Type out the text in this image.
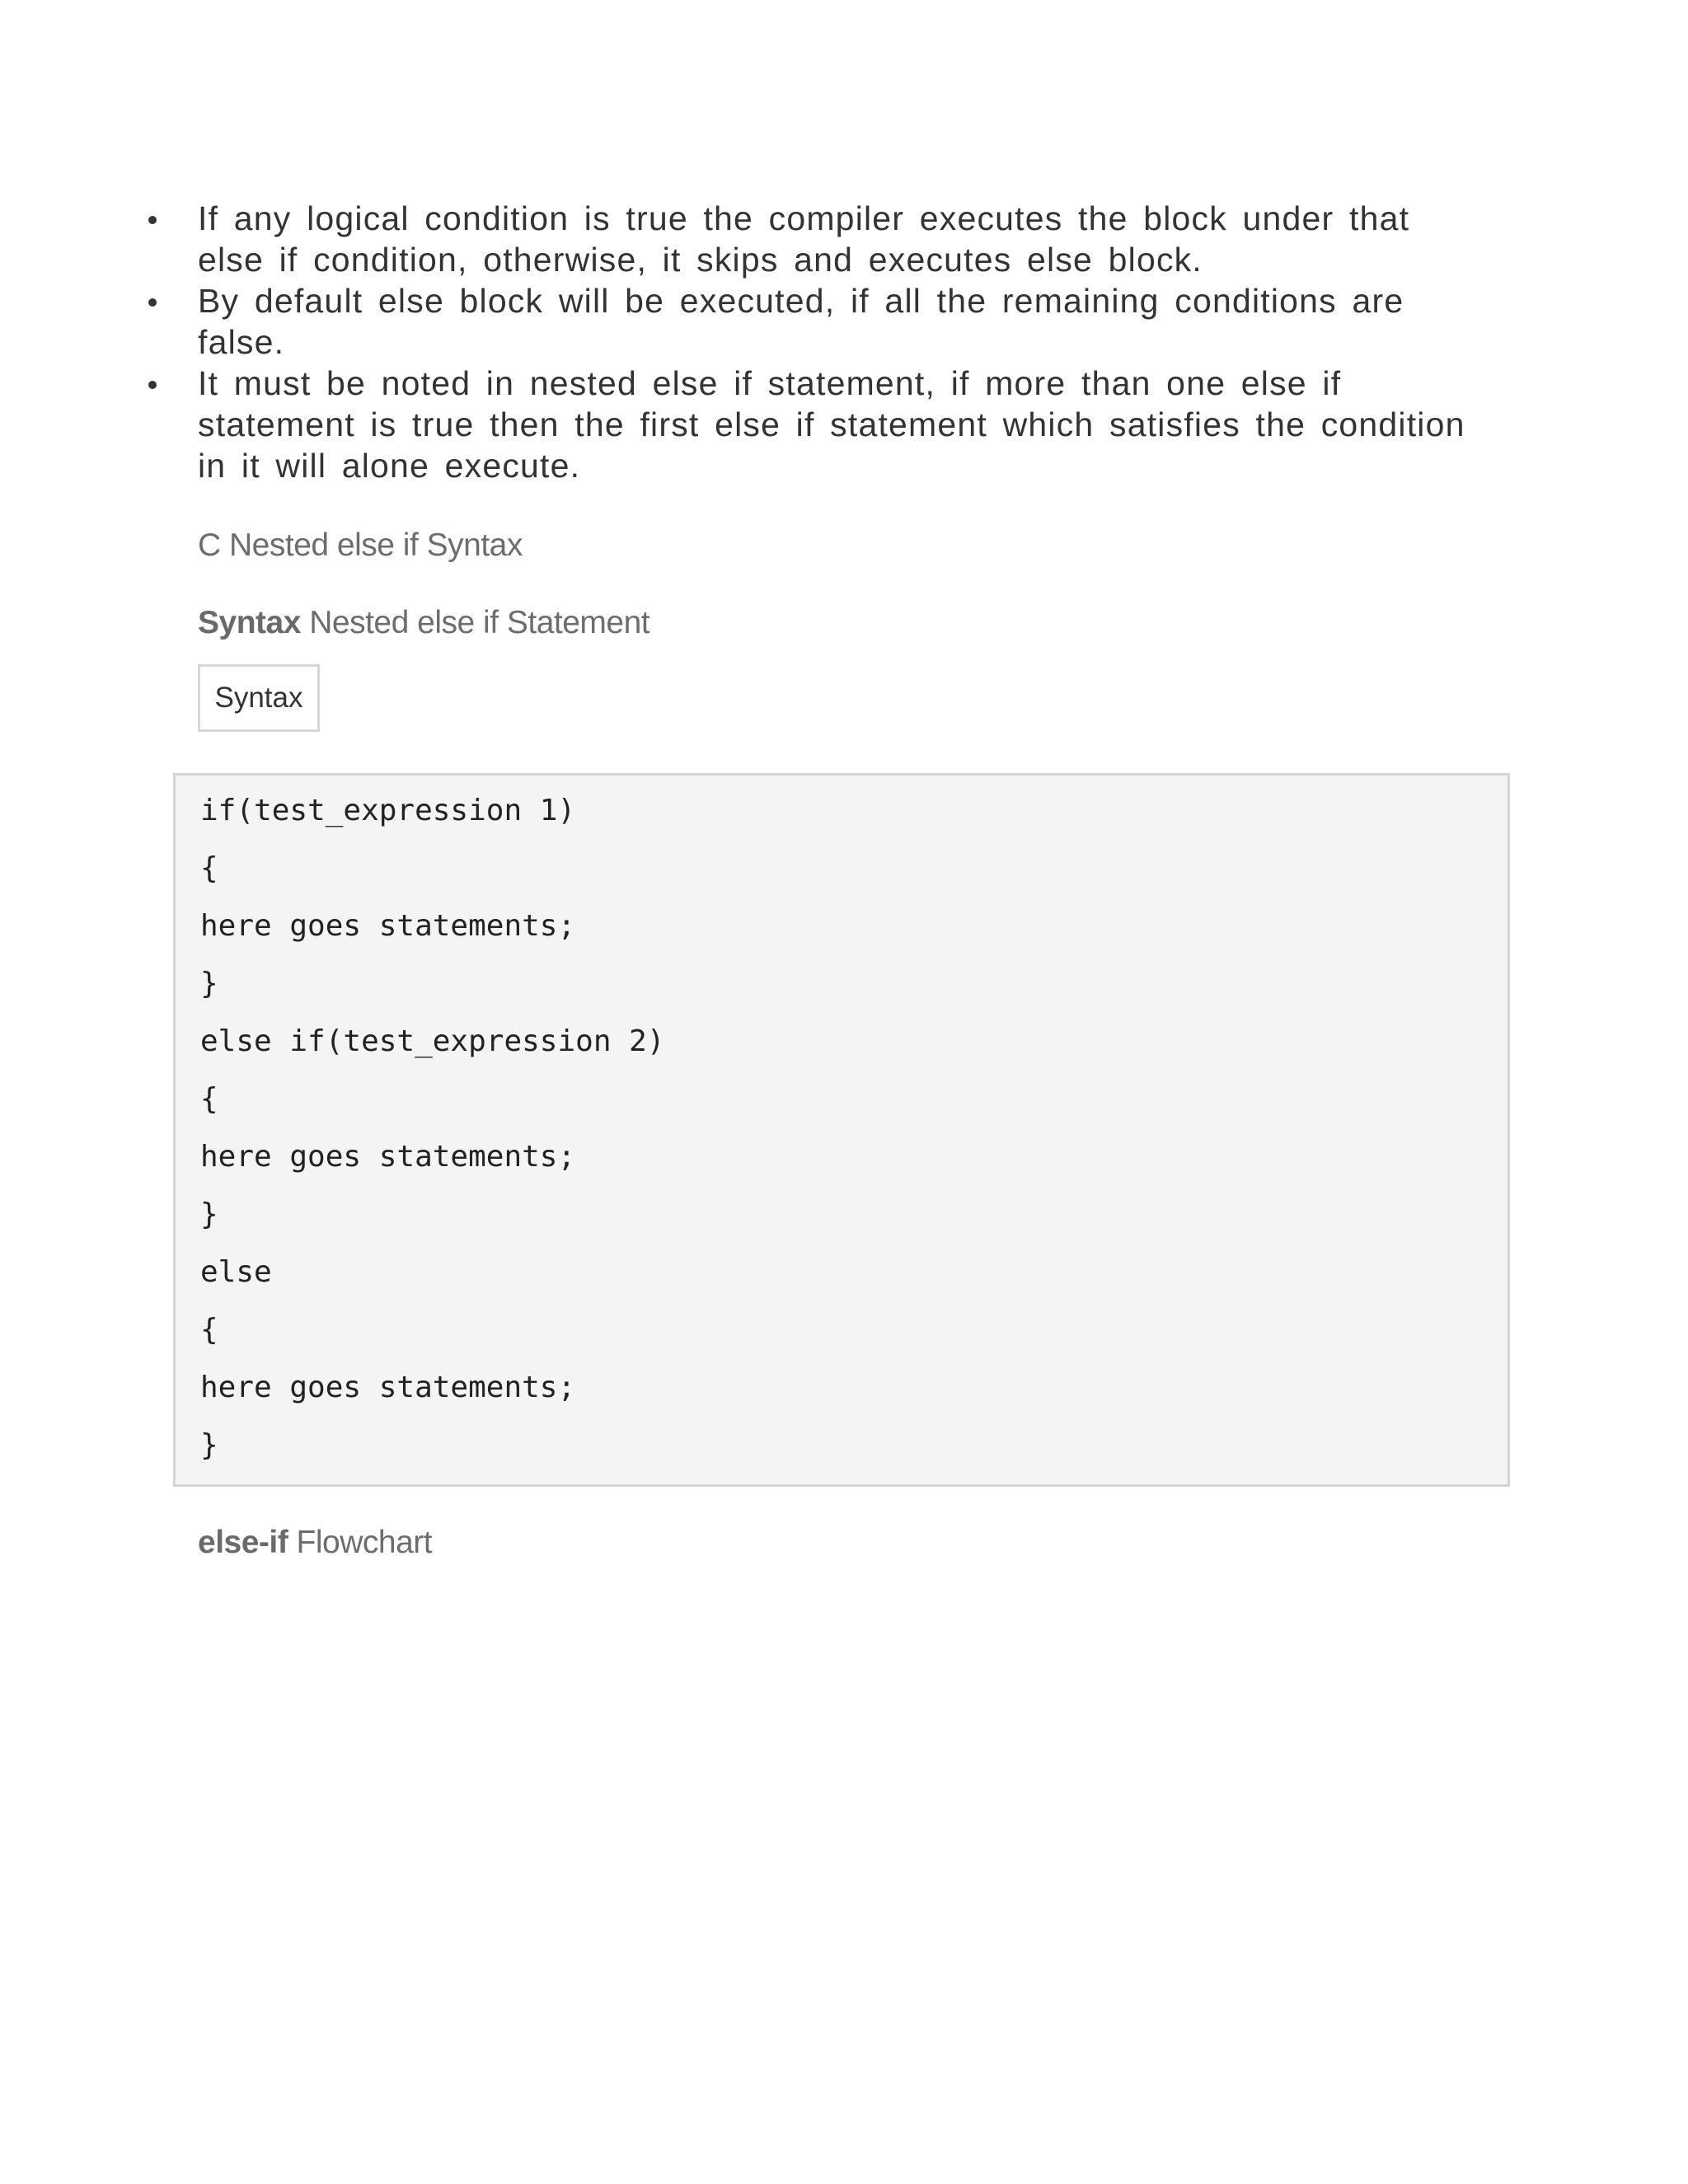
If any logical condition is true the compiler executes the block under that else if condition, otherwise, it skips and executes else block.
By default else block will be executed, if all the remaining conditions are false.
It must be noted in nested else if statement, if more than one else if statement is true then the first else if statement which satisfies the condition in it will alone execute.
C Nested else if Syntax
Syntax Nested else if Statement
Syntax
if(test_expression 1)
{
here goes statements;
}
else if(test_expression 2)
{
here goes statements;
}
else
{
here goes statements;
}
else-if Flowchart
